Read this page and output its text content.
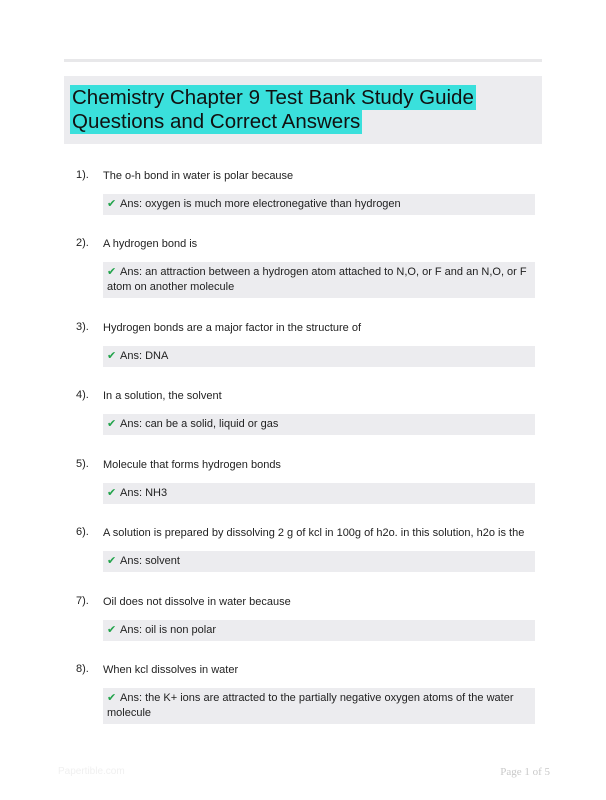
Chemistry Chapter 9 Test Bank Study Guide Questions and Correct Answers
1). The o-h bond in water is polar because
✔ Ans: oxygen is much more electronegative than hydrogen
2). A hydrogen bond is
✔ Ans: an attraction between a hydrogen atom attached to N,O, or F and an N,O, or F atom on another molecule
3). Hydrogen bonds are a major factor in the structure of
✔ Ans: DNA
4). In a solution, the solvent
✔ Ans: can be a solid, liquid or gas
5). Molecule that forms hydrogen bonds
✔ Ans: NH3
6). A solution is prepared by dissolving 2 g of kcl in 100g of h2o. in this solution, h2o is the
✔ Ans: solvent
7). Oil does not dissolve in water because
✔ Ans: oil is non polar
8). When kcl dissolves in water
✔ Ans: the K+ ions are attracted to the partially negative oxygen atoms of the water molecule
Papertible.com	Page 1 of 5
